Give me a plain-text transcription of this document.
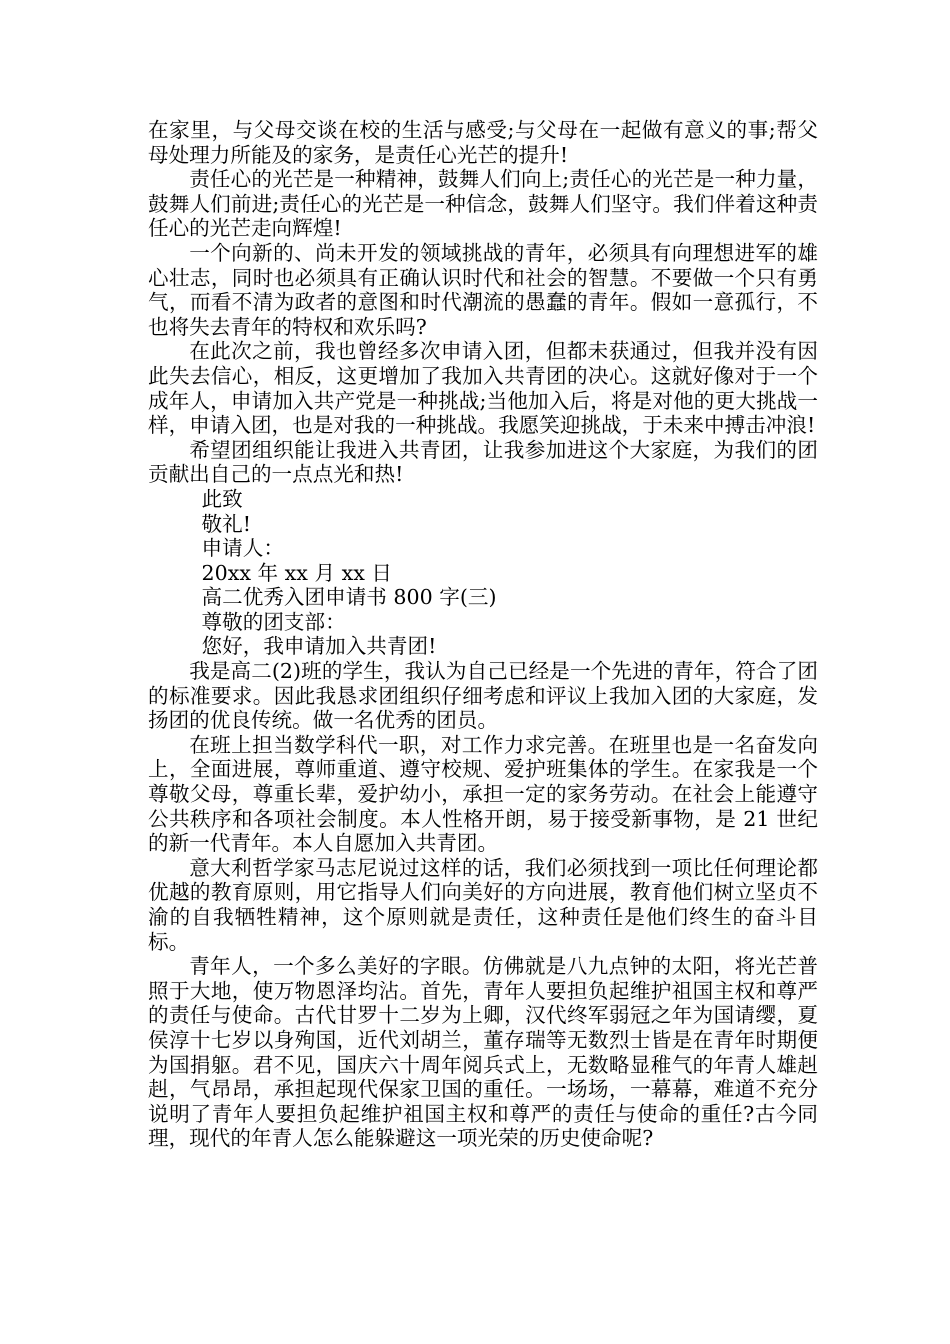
在家里，与父母交谈在校的生活与感受;与父母在一起做有意义的事;帮父母处理力所能及的家务，是责任心光芒的提升!

责任心的光芒是一种精神，鼓舞人们向上;责任心的光芒是一种力量，鼓舞人们前进;责任心的光芒是一种信念，鼓舞人们坚守。我们伴着这种责任心的光芒走向辉煌!

一个向新的、尚未开发的领域挑战的青年，必须具有向理想进军的雄心壮志，同时也必须具有正确认识时代和社会的智慧。不要做一个只有勇气，而看不清为政者的意图和时代潮流的愚蠢的青年。假如一意孤行，不也将失去青年的特权和欢乐吗?

在此次之前，我也曾经多次申请入团，但都未获通过，但我并没有因此失去信心，相反，这更增加了我加入共青团的决心。这就好像对于一个成年人，申请加入共产党是一种挑战;当他加入后，将是对他的更大挑战一样，申请入团，也是对我的一种挑战。我愿笑迎挑战，于未来中搏击冲浪!

希望团组织能让我进入共青团，让我参加进这个大家庭，为我们的团贡献出自己的一点点光和热!

此致

敬礼!

申请人：

20xx 年 xx 月 xx 日

高二优秀入团申请书 800 字(三)

尊敬的团支部：

您好，我申请加入共青团!

我是高二(2)班的学生，我认为自己已经是一个先进的青年，符合了团的标准要求。因此我恳求团组织仔细考虑和评议上我加入团的大家庭，发扬团的优良传统。做一名优秀的团员。

在班上担当数学科代一职，对工作力求完善。在班里也是一名奋发向上，全面进展，尊师重道、遵守校规、爱护班集体的学生。在家我是一个尊敬父母，尊重长辈，爱护幼小，承担一定的家务劳动。在社会上能遵守公共秩序和各项社会制度。本人性格开朗，易于接受新事物，是 21 世纪的新一代青年。本人自愿加入共青团。

意大利哲学家马志尼说过这样的话，我们必须找到一项比任何理论都优越的教育原则，用它指导人们向美好的方向进展，教育他们树立坚贞不渝的自我牺牲精神，这个原则就是责任，这种责任是他们终生的奋斗目标。

青年人，一个多么美好的字眼。仿佛就是八九点钟的太阳，将光芒普照于大地，使万物恩泽均沾。首先，青年人要担负起维护祖国主权和尊严的责任与使命。古代甘罗十二岁为上卿，汉代终军弱冠之年为国请缨，夏侯淳十七岁以身殉国，近代刘胡兰，董存瑞等无数烈士皆是在青年时期便为国捐躯。君不见，国庆六十周年阅兵式上，无数略显稚气的年青人雄赳赳，气昂昂，承担起现代保家卫国的重任。一场场，一幕幕，难道不充分说明了青年人要担负起维护祖国主权和尊严的责任与使命的重任?古今同理，现代的年青人怎么能躲避这一项光荣的历史使命呢?
